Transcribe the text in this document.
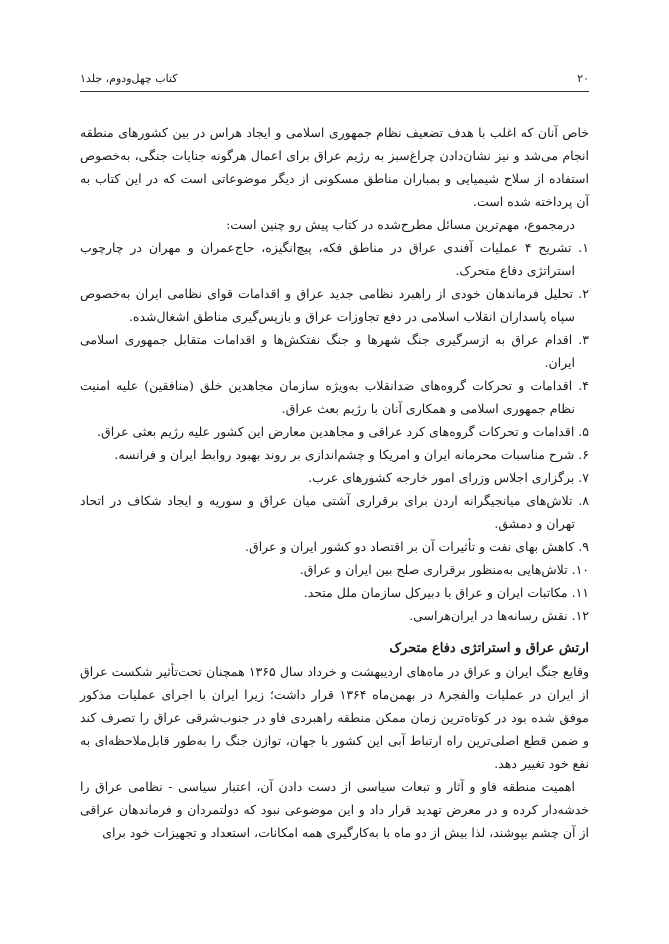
۲۰
کتاب چهل‌ودوم، جلد۱

خاص آنان که اغلب با هدف تضعیف نظام جمهوری اسلامی و ایجاد هراس در بین کشورهای منطقه انجام می‌شد و نیز نشان‌دادن چراغ‌سبز به رژیم عراق برای اعمال هرگونه جنایات جنگی، به‌خصوص استفاده از سلاح شیمیایی و بمباران مناطق مسکونی از دیگر موضوعاتی است که در این کتاب به آن پرداخته شده است.

درمجموع، مهم‌ترین مسائل مطرح‌شده در کتاب پیش رو چنین است:

۱. تشریح ۴ عملیات آفندی عراق در مناطق فکه، پیچ‌انگیزه، حاج‌عمران و مهران در چارچوب استراتژی دفاع متحرک.
۲. تحلیل فرماندهان خودی از راهبرد نظامی جدید عراق و اقدامات قوای نظامی ایران به‌خصوص سپاه پاسداران انقلاب اسلامی در دفع تجاوزات عراق و بازپس‌گیری مناطق اشغال‌شده.
۳. اقدام عراق به ازسرگیری جنگ شهرها و جنگ نفتکش‌ها و اقدامات متقابل جمهوری اسلامی ایران.
۴. اقدامات و تحرکات گروه‌های ضدانقلاب به‌ویژه سازمان مجاهدین خلق (منافقین) علیه امنیت نظام جمهوری اسلامی و همکاری آنان با رژیم بعث عراق.
۵. اقدامات و تحرکات گروه‌های کرد عراقی و مجاهدین معارض این کشور علیه رژیم بعثی عراق.
۶. شرح مناسبات محرمانه ایران و امریکا و چشم‌اندازی بر روند بهبود روابط ایران و فرانسه.
۷. برگزاری اجلاس وزرای امور خارجه کشورهای عرب.
۸. تلاش‌های میانجیگرانه اردن برای برقراری آشتی میان عراق و سوریه و ایجاد شکاف در اتحاد تهران و دمشق.
۹. کاهش بهای نفت و تأثیرات آن بر اقتصاد دو کشور ایران و عراق.
۱۰. تلاش‌هایی به‌منظور برقراری صلح بین ایران و عراق.
۱۱. مکاتبات ایران و عراق با دبیرکل سازمان ملل متحد.
۱۲. نقش رسانه‌ها در ایران‌هراسی.
ارتش عراق و استراتژی دفاع متحرک

وقایع جنگ ایران و عراق در ماه‌های اردیبهشت و خرداد سال ۱۳۶۵ همچنان تحت‌تأثیر شکست عراق از ایران در عملیات والفجر۸ در بهمن‌ماه ۱۳۶۴ قرار داشت؛ زیرا ایران با اجرای عملیات مذکور موفق شده بود در کوتاه‌ترین زمان ممکن منطقه راهبردی فاو در جنوب‌شرقی عراق را تصرف کند و ضمن قطع اصلی‌ترین راه ارتباط آبی این کشور با جهان، توازن جنگ را به‌طور قابل‌ملاحظه‌ای به نفع خود تغییر دهد.

اهمیت منطقه فاو و آثار و تبعات سیاسی از دست دادن آن، اعتبار سیاسی - نظامی عراق را خدشه‌دار کرده و در معرض تهدید قرار داد و این موضوعی نبود که دولتمردان و فرماندهان عراقی از آن چشم بپوشند، لذا بیش از دو ماه با به‌کارگیری همه امکانات، استعداد و تجهیزات خود برای
